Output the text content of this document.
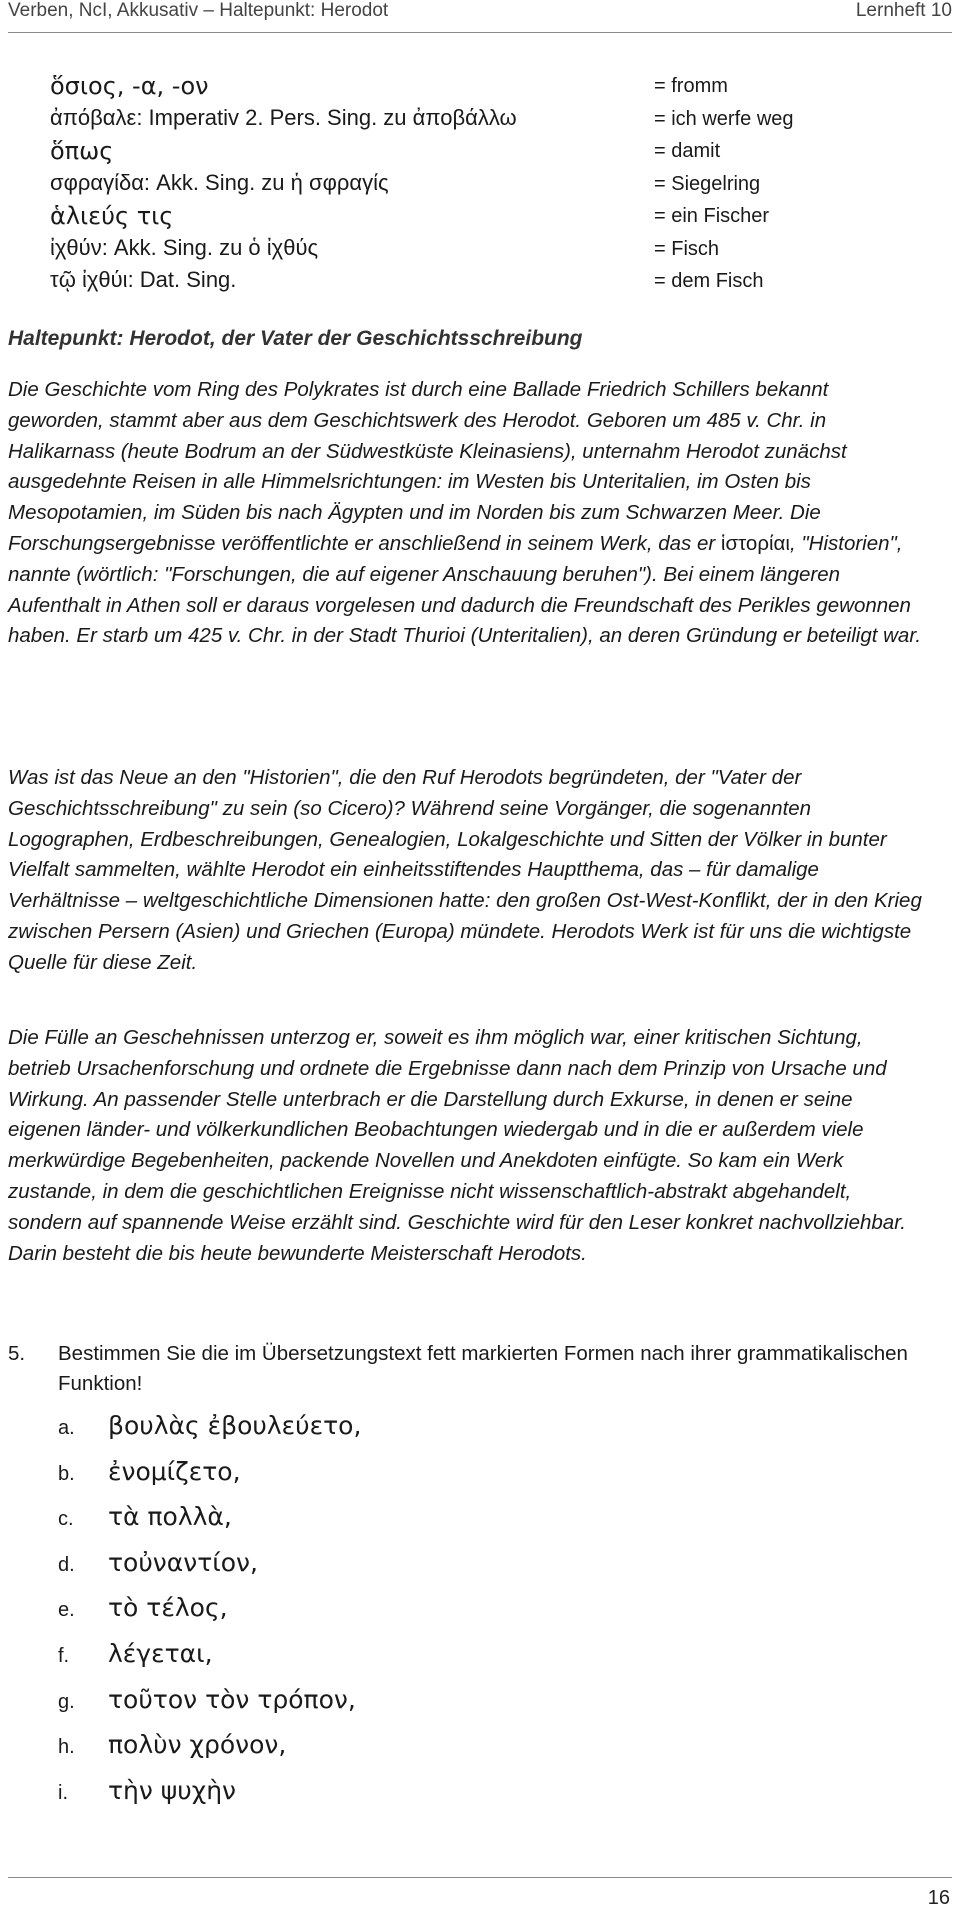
Verben, NcI, Akkusativ – Haltepunkt: Herodot	Lernheft 10
ὅσιος, -α, -ον	= fromm
ἀπόβαλε: Imperativ 2. Pers. Sing. zu ἀποβάλλω	= ich werfe weg
ὅπως	= damit
σφραγίδα: Akk. Sing. zu ἡ σφραγίς	= Siegelring
ἁλιεύς τις	= ein Fischer
ἰχθύν: Akk. Sing. zu ὁ ἰχθύς	= Fisch
τῷ ἰχθύι: Dat. Sing.	= dem Fisch
Haltepunkt: Herodot, der Vater der Geschichtsschreibung

Die Geschichte vom Ring des Polykrates ist durch eine Ballade Friedrich Schillers bekannt geworden, stammt aber aus dem Geschichtswerk des Herodot. Geboren um 485 v. Chr. in Halikarnass (heute Bodrum an der Südwestküste Kleinasiens), unternahm Herodot zunächst ausgedehnte Reisen in alle Himmelsrichtungen: im Westen bis Unteritalien, im Osten bis Mesopotamien, im Süden bis nach Ägypten und im Norden bis zum Schwarzen Meer. Die Forschungsergebnisse veröffentlichte er anschließend in seinem Werk, das er ἱστορίαι, "Historien", nannte (wörtlich: "Forschungen, die auf eigener Anschauung beruhen"). Bei einem längeren Aufenthalt in Athen soll er daraus vorgelesen und dadurch die Freundschaft des Perikles gewonnen haben. Er starb um 425 v. Chr. in der Stadt Thurioi (Unteritalien), an deren Gründung er beteiligt war.

Was ist das Neue an den "Historien", die den Ruf Herodots begründeten, der "Vater der Geschichtsschreibung" zu sein (so Cicero)? Während seine Vorgänger, die sogenannten Logographen, Erdbeschreibungen, Genealogien, Lokalgeschichte und Sitten der Völker in bunter Vielfalt sammelten, wählte Herodot ein einheitsstiftendes Hauptthema, das – für damalige Verhältnisse – weltgeschichtliche Dimensionen hatte: den großen Ost-West-Konflikt, der in den Krieg zwischen Persern (Asien) und Griechen (Europa) mündete. Herodots Werk ist für uns die wichtigste Quelle für diese Zeit.

Die Fülle an Geschehnissen unterzog er, soweit es ihm möglich war, einer kritischen Sichtung, betrieb Ursachenforschung und ordnete die Ergebnisse dann nach dem Prinzip von Ursache und Wirkung. An passender Stelle unterbrach er die Darstellung durch Exkurse, in denen er seine eigenen länder- und völkerkundlichen Beobachtungen wiedergab und in die er außerdem viele merkwürdige Begebenheiten, packende Novellen und Anekdoten einfügte. So kam ein Werk zustande, in dem die geschichtlichen Ereignisse nicht wissenschaftlich-abstrakt abgehandelt, sondern auf spannende Weise erzählt sind. Geschichte wird für den Leser konkret nachvollziehbar. Darin besteht die bis heute bewunderte Meisterschaft Herodots.

5. Bestimmen Sie die im Übersetzungstext fett markierten Formen nach ihrer grammatikalischen Funktion!
a. βουλὰς ἐβουλεύετο,
b. ἐνομίζετο,
c. τὰ πολλὰ,
d. τοὐναντίον,
e. τὸ τέλος,
f. λέγεται,
g. τοῦτον τὸν τρόπον,
h. πολὺν χρόνον,
i. τὴν ψυχὴν
16
